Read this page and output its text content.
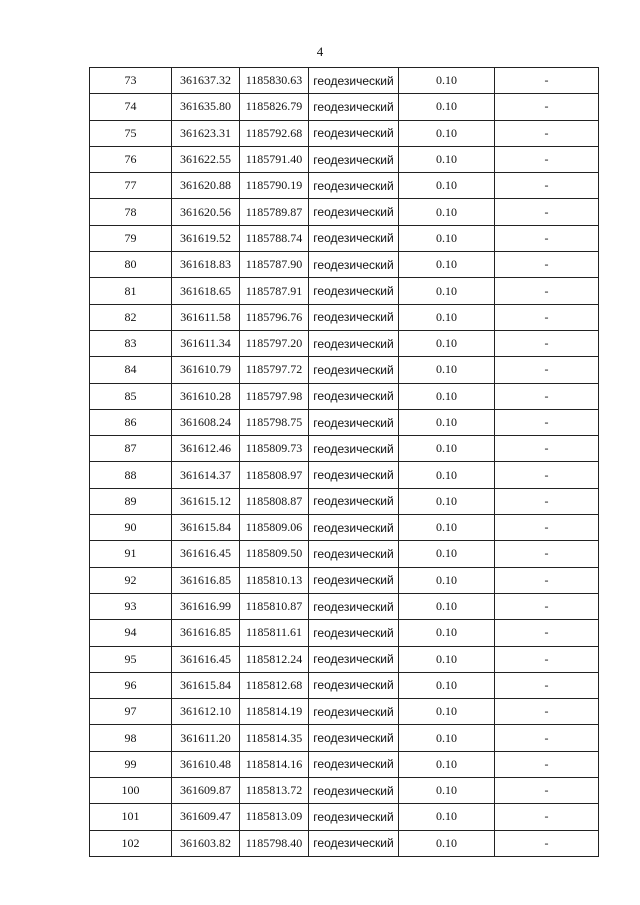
4
73	361637.32	1185830.63	геодезический	0.10	-
74	361635.80	1185826.79	геодезический	0.10	-
75	361623.31	1185792.68	геодезический	0.10	-
76	361622.55	1185791.40	геодезический	0.10	-
77	361620.88	1185790.19	геодезический	0.10	-
78	361620.56	1185789.87	геодезический	0.10	-
79	361619.52	1185788.74	геодезический	0.10	-
80	361618.83	1185787.90	геодезический	0.10	-
81	361618.65	1185787.91	геодезический	0.10	-
82	361611.58	1185796.76	геодезический	0.10	-
83	361611.34	1185797.20	геодезический	0.10	-
84	361610.79	1185797.72	геодезический	0.10	-
85	361610.28	1185797.98	геодезический	0.10	-
86	361608.24	1185798.75	геодезический	0.10	-
87	361612.46	1185809.73	геодезический	0.10	-
88	361614.37	1185808.97	геодезический	0.10	-
89	361615.12	1185808.87	геодезический	0.10	-
90	361615.84	1185809.06	геодезический	0.10	-
91	361616.45	1185809.50	геодезический	0.10	-
92	361616.85	1185810.13	геодезический	0.10	-
93	361616.99	1185810.87	геодезический	0.10	-
94	361616.85	1185811.61	геодезический	0.10	-
95	361616.45	1185812.24	геодезический	0.10	-
96	361615.84	1185812.68	геодезический	0.10	-
97	361612.10	1185814.19	геодезический	0.10	-
98	361611.20	1185814.35	геодезический	0.10	-
99	361610.48	1185814.16	геодезический	0.10	-
100	361609.87	1185813.72	геодезический	0.10	-
101	361609.47	1185813.09	геодезический	0.10	-
102	361603.82	1185798.40	геодезический	0.10	-
